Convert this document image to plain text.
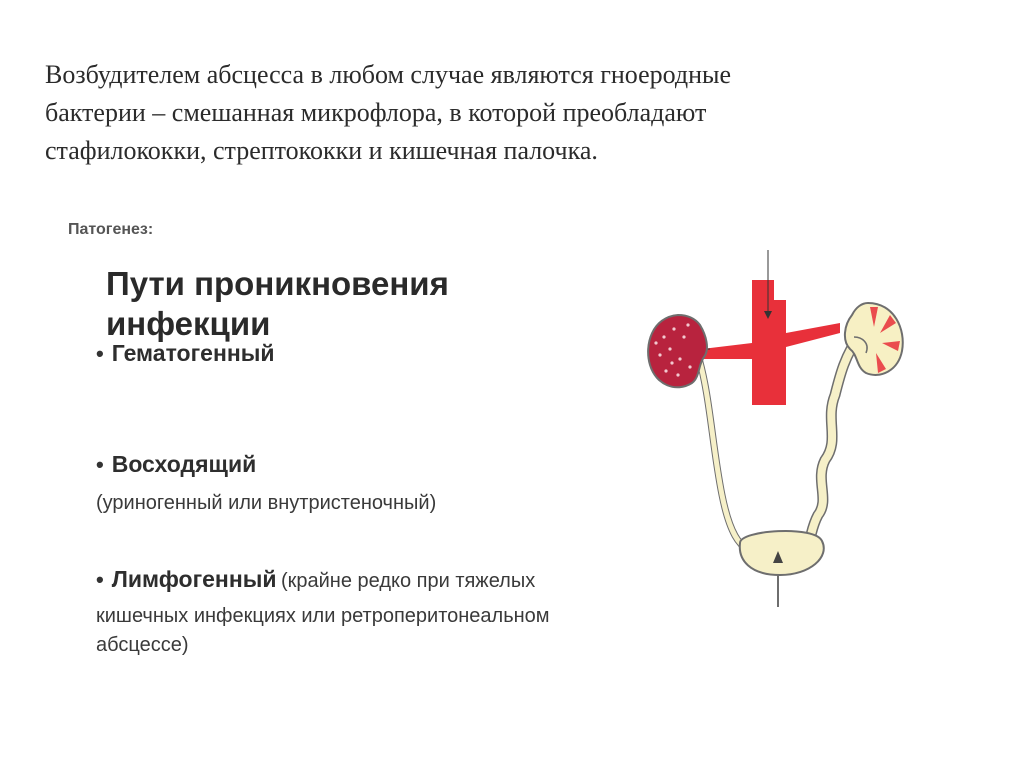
Возбудителем абсцесса в любом случае являются гноеродные
бактерии – смешанная микрофлора, в которой преобладают
стафилококки, стрептококки и кишечная палочка.
Патогенез:
Пути проникновения
инфекции
• Гематогенный
• Восходящий
(уриногенный или внутристеночный)
• Лимфогенный (крайне редко при тяжелых
кишечных инфекциях или ретроперитонеальном
абсцессе)
